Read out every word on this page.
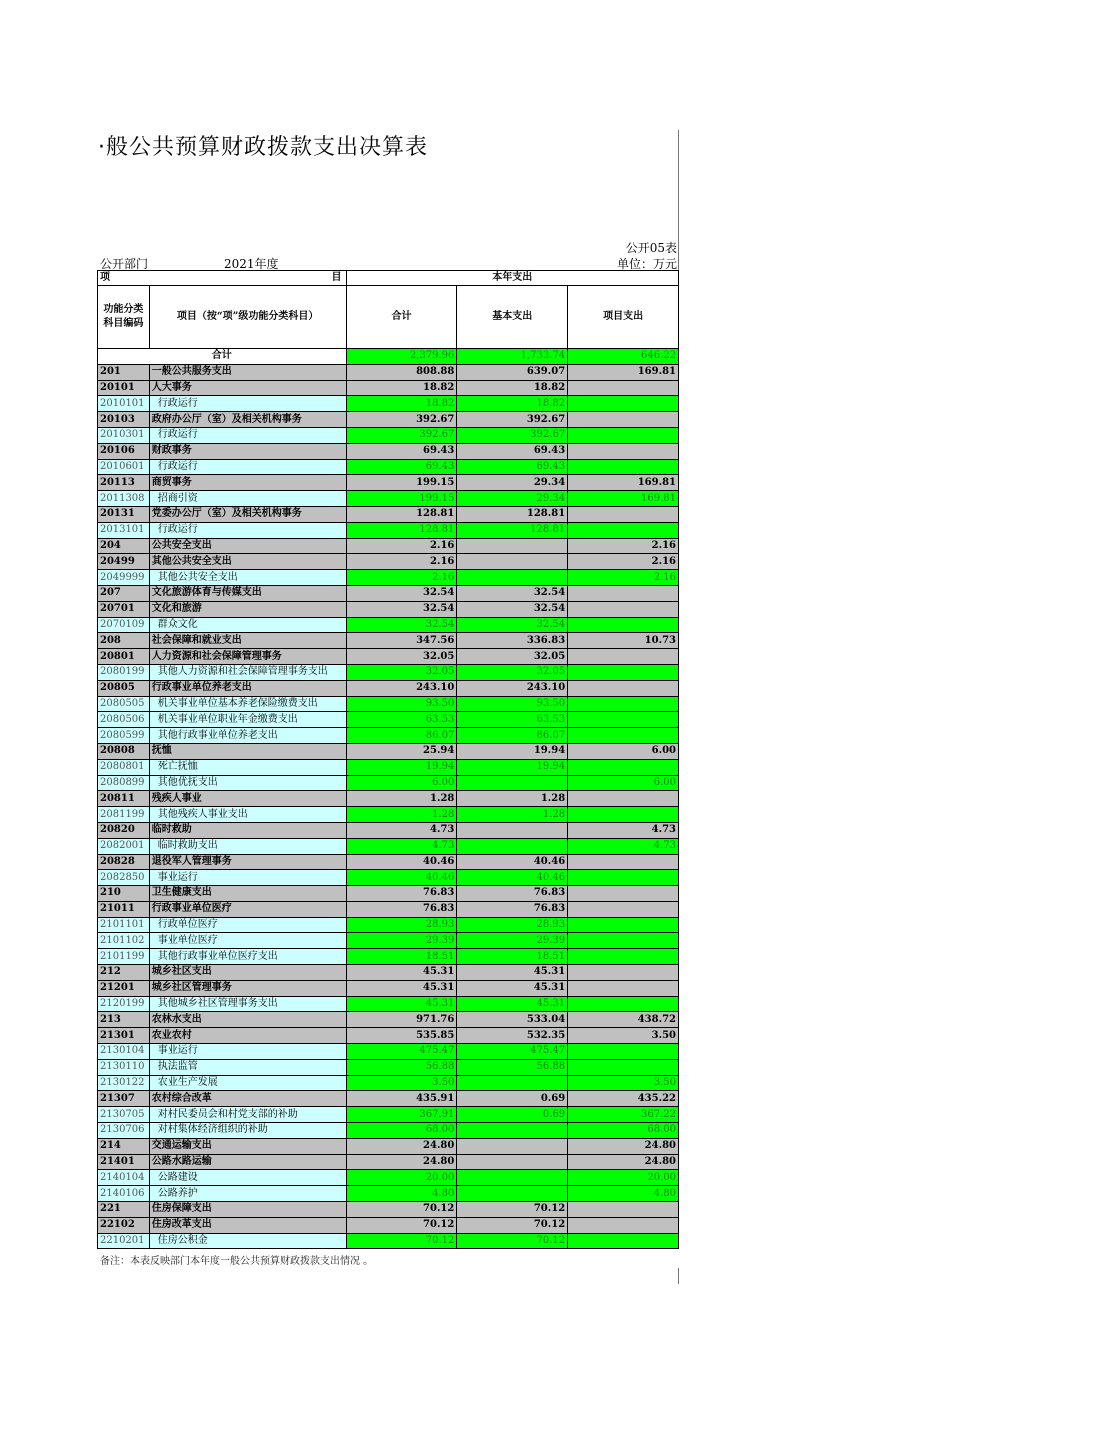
·般公共预算财政拨款支出决算表
公开05表
单位：万元
公开部门	2021年度
项 目		本年支出		
功能分类科目编码	项目（按“项”级功能分类科目）	合计	基本支出	项目支出
合计		2,379.96	1,733.74	646.22
201	一般公共服务支出	808.88	639.07	169.81
20101	人大事务	18.82	18.82	
2010101	行政运行	18.82	18.82	
20103	政府办公厅（室）及相关机构事务	392.67	392.67	
2010301	行政运行	392.67	392.67	
20106	财政事务	69.43	69.43	
2010601	行政运行	69.43	69.43	
20113	商贸事务	199.15	29.34	169.81
2011308	招商引资	199.15	29.34	169.81
20131	党委办公厅（室）及相关机构事务	128.81	128.81	
2013101	行政运行	128.81	128.81	
204	公共安全支出	2.16		2.16
20499	其他公共安全支出	2.16		2.16
2049999	其他公共安全支出	2.16		2.16
207	文化旅游体育与传媒支出	32.54	32.54	
20701	文化和旅游	32.54	32.54	
2070109	群众文化	32.54	32.54	
208	社会保障和就业支出	347.56	336.83	10.73
20801	人力资源和社会保障管理事务	32.05	32.05	
2080199	其他人力资源和社会保障管理事务支出	32.05	32.05	
20805	行政事业单位养老支出	243.10	243.10	
2080505	机关事业单位基本养老保险缴费支出	93.50	93.50	
2080506	机关事业单位职业年金缴费支出	63.53	63.53	
2080599	其他行政事业单位养老支出	86.07	86.07	
20808	抚恤	25.94	19.94	6.00
2080801	死亡抚恤	19.94	19.94	
2080899	其他优抚支出	6.00		6.00
20811	残疾人事业	1.28	1.28	
2081199	其他残疾人事业支出	1.28	1.28	
20820	临时救助	4.73		4.73
2082001	临时救助支出	4.73		4.73
20828	退役军人管理事务	40.46	40.46	
2082850	事业运行	40.46	40.46	
210	卫生健康支出	76.83	76.83	
21011	行政事业单位医疗	76.83	76.83	
2101101	行政单位医疗	28.93	28.93	
2101102	事业单位医疗	29.39	29.39	
2101199	其他行政事业单位医疗支出	18.51	18.51	
212	城乡社区支出	45.31	45.31	
21201	城乡社区管理事务	45.31	45.31	
2120199	其他城乡社区管理事务支出	45.31	45.31	
213	农林水支出	971.76	533.04	438.72
21301	农业农村	535.85	532.35	3.50
2130104	事业运行	475.47	475.47	
2130110	执法监管	56.88	56.88	
2130122	农业生产发展	3.50		3.50
21307	农村综合改革	435.91	0.69	435.22
2130705	对村民委员会和村党支部的补助	367.91	0.69	367.22
2130706	对村集体经济组织的补助	68.00		68.00
214	交通运输支出	24.80		24.80
21401	公路水路运输	24.80		24.80
2140104	公路建设	20.00		20.00
2140106	公路养护	4.80		4.80
221	住房保障支出	70.12	70.12	
22102	住房改革支出	70.12	70.12	
2210201	住房公积金	70.12	70.12	
备注：本表反映部门本年度一般公共预算财政拨款支出情况 。
